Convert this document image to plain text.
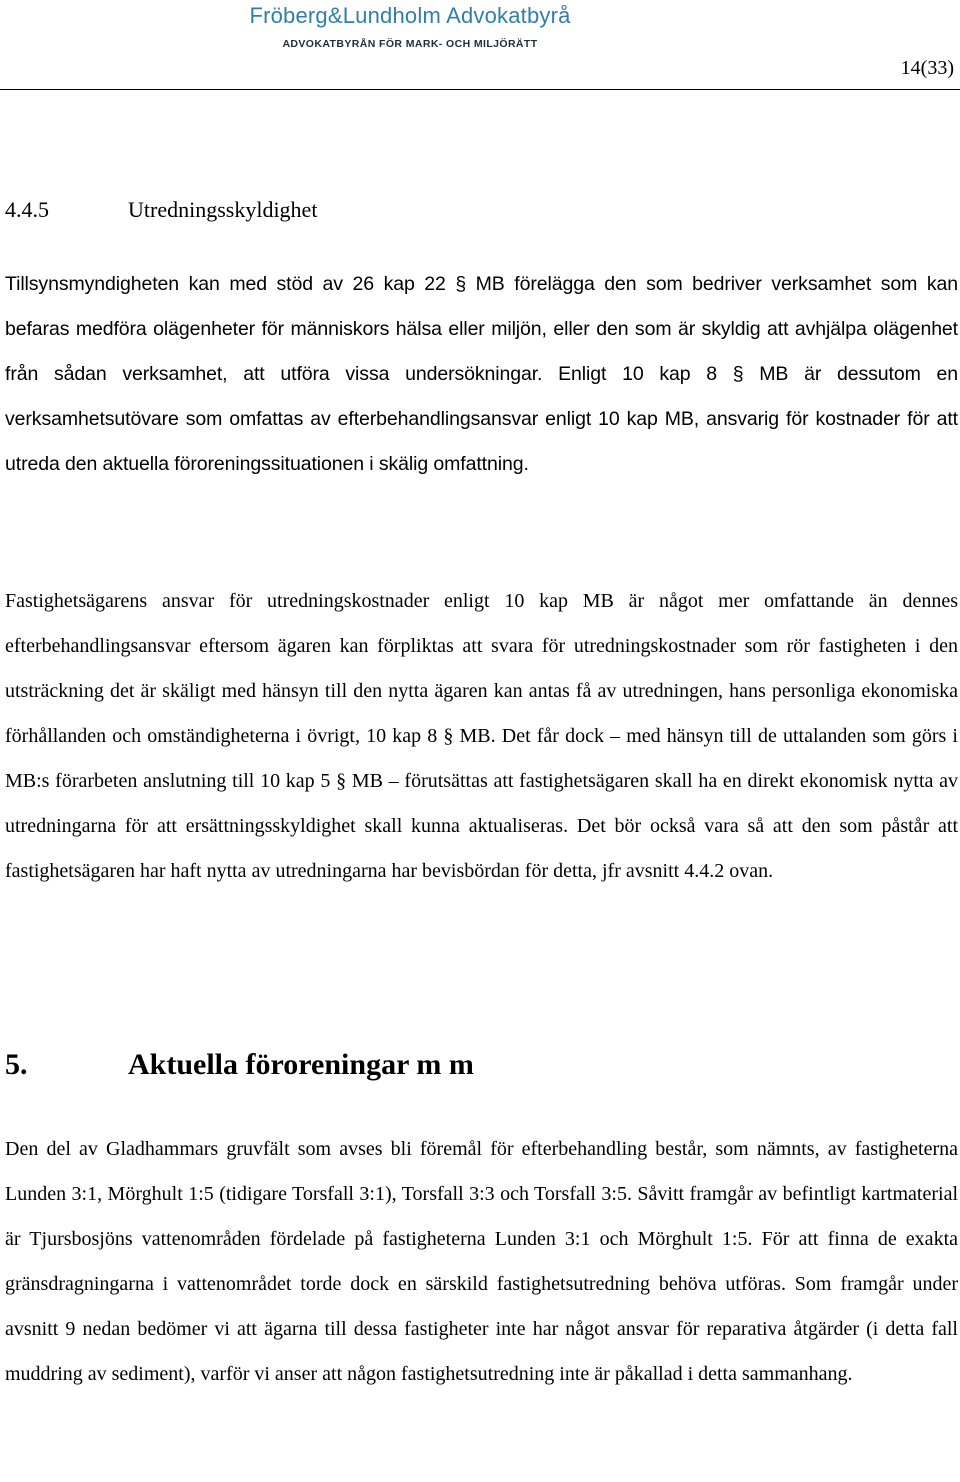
Fröberg&Lundholm Advokatbyrå
ADVOKATBYRÅN FÖR MARK- OCH MILJÖRÄTT
14(33)
4.4.5	Utredningsskyldighet

Tillsynsmyndigheten kan med stöd av 26 kap 22 § MB förelägga den som bedriver verksamhet som kan befaras medföra olägenheter för människors hälsa eller miljön, eller den som är skyldig att avhjälpa olägenhet från sådan verksamhet, att utföra vissa undersökningar. Enligt 10 kap 8 § MB är dessutom en verksamhetsutövare som omfattas av efterbehandlingsansvar enligt 10 kap MB, ansvarig för kostnader för att utreda den aktuella föroreningssituationen i skälig omfattning.

Fastighetsägarens ansvar för utredningskostnader enligt 10 kap MB är något mer omfattande än dennes efterbehandlingsansvar eftersom ägaren kan förpliktas att svara för utredningskostnader som rör fastigheten i den utsträckning det är skäligt med hänsyn till den nytta ägaren kan antas få av utredningen, hans personliga ekonomiska förhållanden och omständigheterna i övrigt, 10 kap 8 § MB. Det får dock – med hänsyn till de uttalanden som görs i MB:s förarbeten anslutning till 10 kap 5 § MB – förutsättas att fastighetsägaren skall ha en direkt ekonomisk nytta av utredningarna för att ersättningsskyldighet skall kunna aktualiseras. Det bör också vara så att den som påstår att fastighetsägaren har haft nytta av utredningarna har bevisbördan för detta, jfr avsnitt 4.4.2 ovan.

5.	Aktuella föroreningar m m

Den del av Gladhammars gruvfält som avses bli föremål för efterbehandling består, som nämnts, av fastigheterna Lunden 3:1, Mörghult 1:5 (tidigare Torsfall 3:1), Torsfall 3:3 och Torsfall 3:5. Såvitt framgår av befintligt kartmaterial är Tjursbosjöns vattenområden fördelade på fastigheterna Lunden 3:1 och Mörghult 1:5. För att finna de exakta gränsdragningarna i vattenområdet torde dock en särskild fastighetsutredning behöva utföras. Som framgår under avsnitt 9 nedan bedömer vi att ägarna till dessa fastigheter inte har något ansvar för reparativa åtgärder (i detta fall muddring av sediment), varför vi anser att någon fastighetsutredning inte är påkallad i detta sammanhang.
